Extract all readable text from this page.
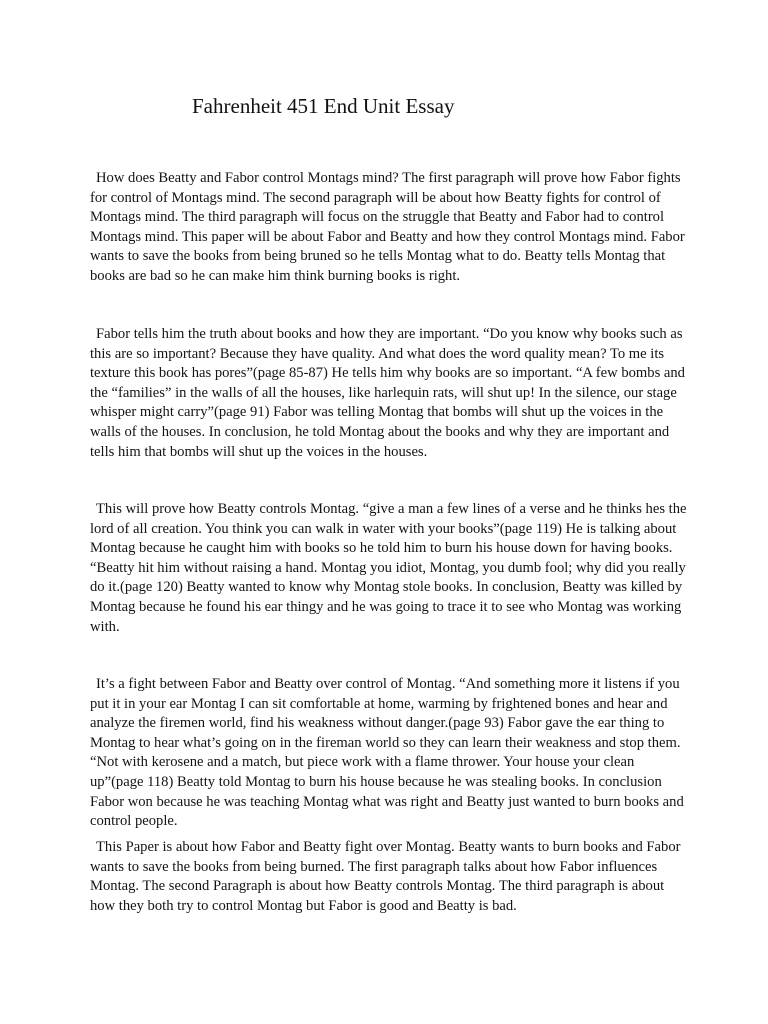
Fahrenheit 451 End Unit Essay

How does Beatty and Fabor control Montags mind? The first paragraph will prove how Fabor fights for control of Montags mind. The second paragraph will be about how Beatty fights for control of Montags mind. The third paragraph will focus on the struggle that Beatty and Fabor had to control Montags mind. This paper will be about Fabor and Beatty and how they control Montags mind. Fabor wants to save the books from being bruned so he tells Montag what to do. Beatty tells Montag that books are bad so he can make him think burning books is right.

Fabor tells him the truth about books and how they are important. “Do you know why books such as this are so important? Because they have quality. And what does the word quality mean? To me its texture this book has pores”(page 85-87) He tells him why books are so important. “A few bombs and the “families” in the walls of all the houses, like harlequin rats, will shut up! In the silence, our stage whisper might carry”(page 91) Fabor was telling Montag that bombs will shut up the voices in the walls of the houses. In conclusion, he told Montag about the books and why they are important and tells him that bombs will shut up the voices in the houses.

This will prove how Beatty controls Montag. “give a man a few lines of a verse and he thinks hes the lord of all creation. You think you can walk in water with your books”(page 119) He is talking about Montag because he caught him with books so he told him to burn his house down for having books. “Beatty hit him without raising a hand. Montag you idiot, Montag, you dumb fool; why did you really do it.(page 120) Beatty wanted to know why Montag stole books. In conclusion, Beatty was killed by Montag because he found his ear thingy and he was going to trace it to see who Montag was working with.

It’s a fight between Fabor and Beatty over control of Montag. “And something more it listens if you put it in your ear Montag I can sit comfortable at home, warming by frightened bones and hear and analyze the firemen world, find his weakness without danger.(page 93) Fabor gave the ear thing to Montag to hear what’s going on in the fireman world so they can learn their weakness and stop them. “Not with kerosene and a match, but piece work with a flame thrower. Your house your clean up”(page 118) Beatty told Montag to burn his house because he was stealing books. In conclusion Fabor won because he was teaching Montag what was right and Beatty just wanted to burn books and control people.

This Paper is about how Fabor and Beatty fight over Montag. Beatty wants to burn books and Fabor wants to save the books from being burned. The first paragraph talks about how Fabor influences Montag. The second Paragraph is about how Beatty controls Montag. The third paragraph is about how they both try to control Montag but Fabor is good and Beatty is bad.
